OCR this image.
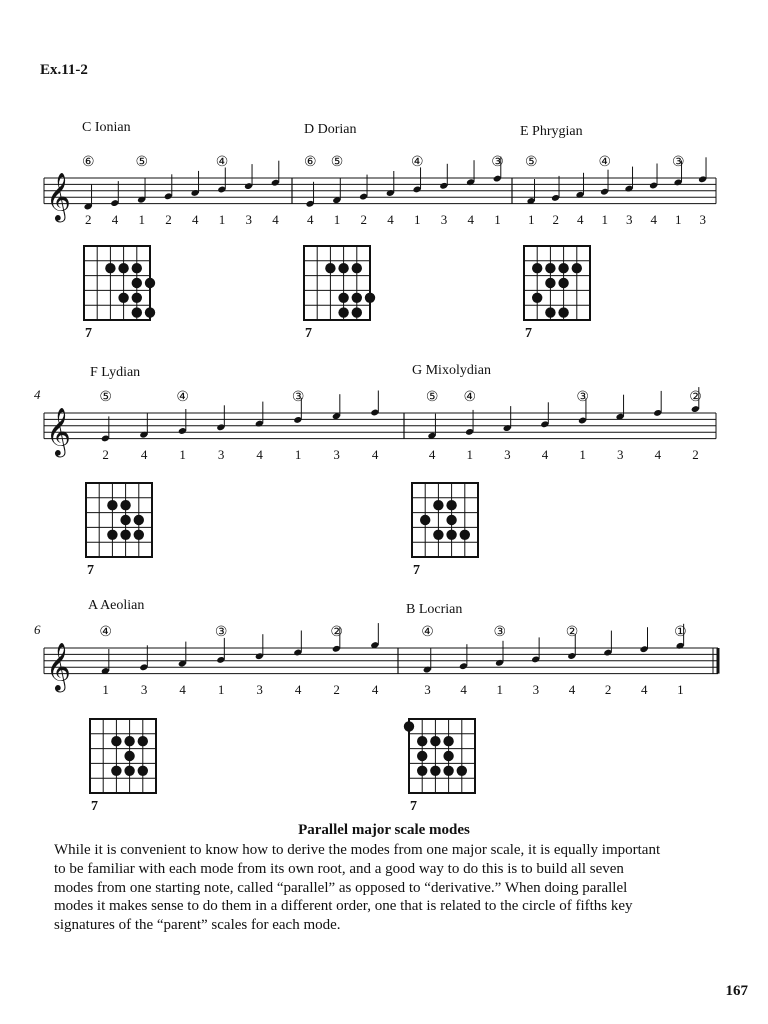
Ex.11-2
C Ionian	D Dorian	E Phrygian
F Lydian	G Mixolydian
A Aeolian	B Locrian
𝄞 2
⑥
4 1
⑤
2 4 1
④
3 4 4
⑥
1
⑤
2 4 1
④
3 4 1
③
1
⑤
2 4 1
④
3 4 1
③
3
𝄞
4
2
⑤
4 1
④
3 4 1
③
3 4	4
⑤
1
④
3 4 1
③
3 4 2
②
𝄞
6
1
④
3 4 1
③
3 4 2
②
4	3
④
4 1
③
3 4
②
2 4 1
①
7	7	7
7	7
7	7
Parallel major scale modes
While it is convenient to know how to derive the modes from one major scale, it is equally important
to be familiar with each mode from its own root, and a good way to do this is to build all seven
modes from one starting note, called “parallel” as opposed to “derivative.” When doing parallel
modes it makes sense to do them in a different order, one that is related to the circle of fifths key
signatures of the “parent” scales for each mode.
167
